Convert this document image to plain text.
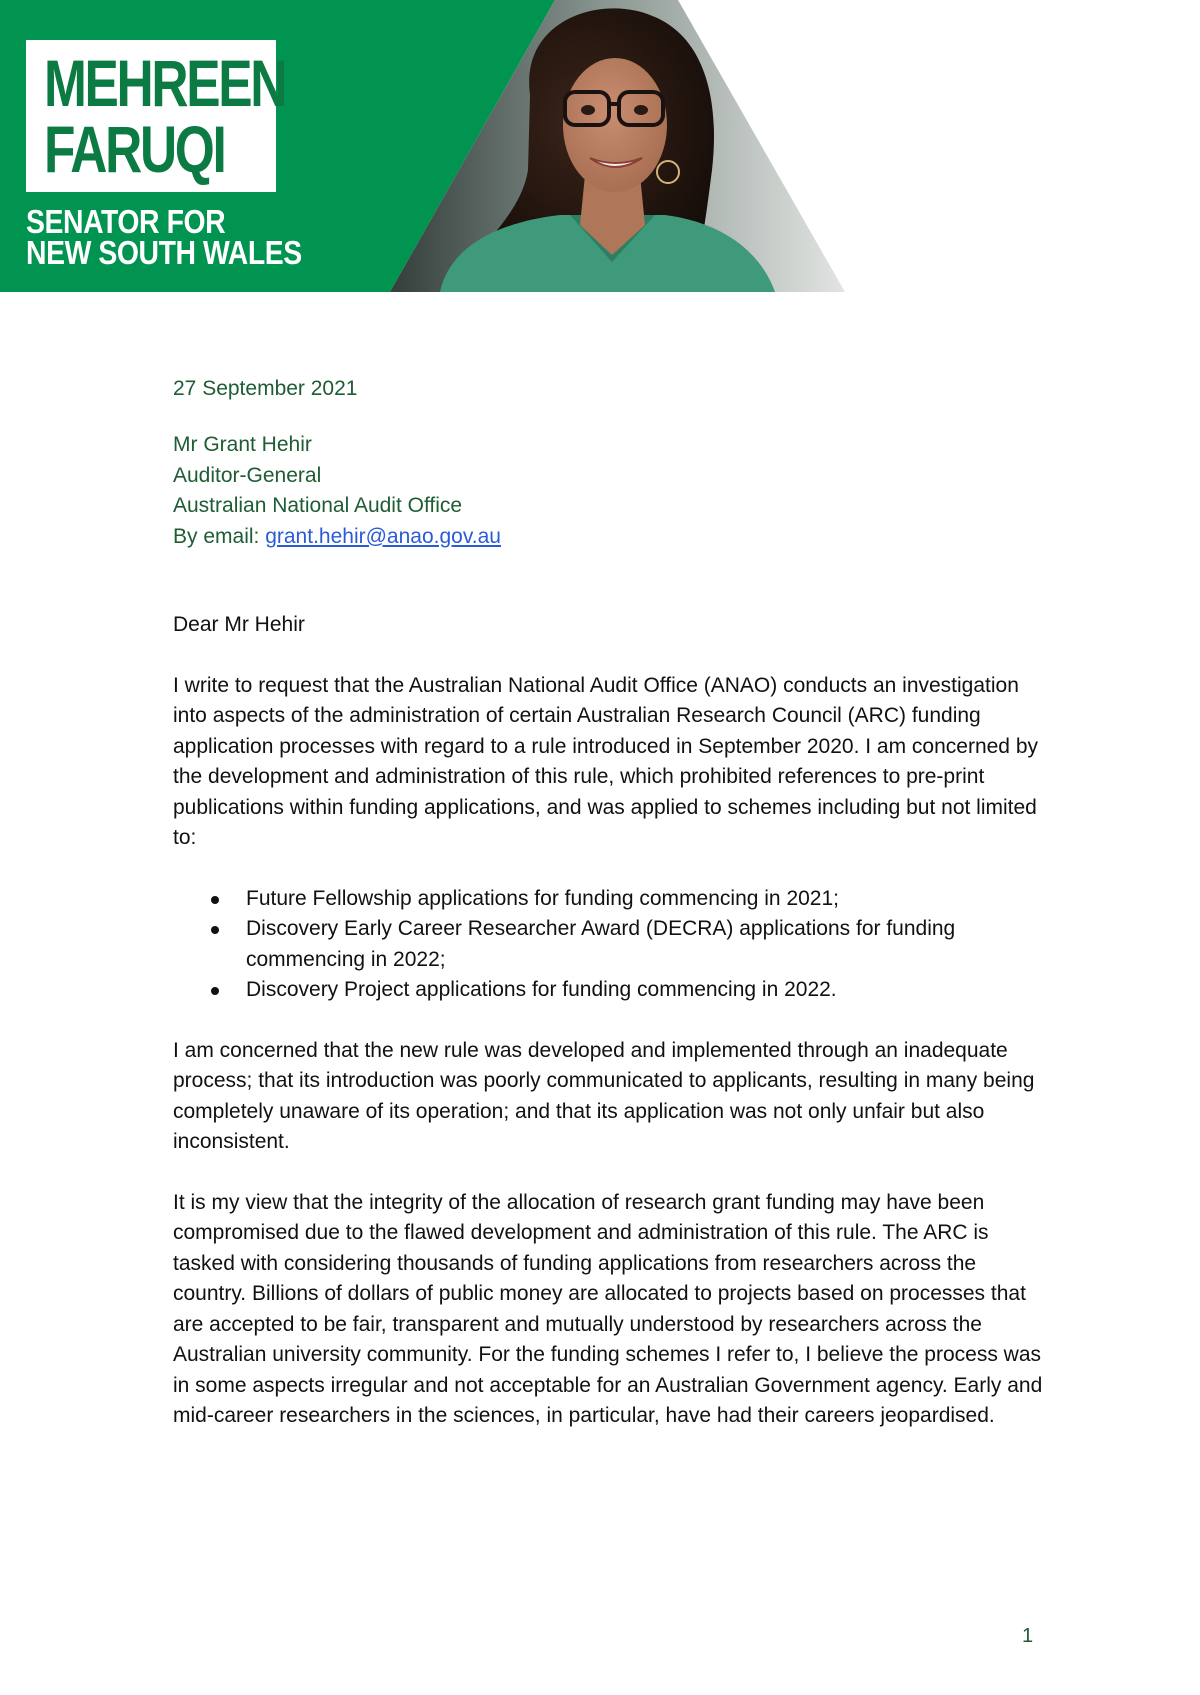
MEHREEN
FARUQI
SENATOR FOR
NEW SOUTH WALES
27 September 2021
Mr Grant Hehir
Auditor-General
Australian National Audit Office
By email: grant.hehir@anao.gov.au
Dear Mr Hehir
I write to request that the Australian National Audit Office (ANAO) conducts an investigation into aspects of the administration of certain Australian Research Council (ARC) funding application processes with regard to a rule introduced in September 2020. I am concerned by the development and administration of this rule, which prohibited references to pre-print publications within funding applications, and was applied to schemes including but not limited to:
Future Fellowship applications for funding commencing in 2021;
Discovery Early Career Researcher Award (DECRA) applications for funding commencing in 2022;
Discovery Project applications for funding commencing in 2022.
I am concerned that the new rule was developed and implemented through an inadequate process; that its introduction was poorly communicated to applicants, resulting in many being completely unaware of its operation; and that its application was not only unfair but also inconsistent.
It is my view that the integrity of the allocation of research grant funding may have been compromised due to the flawed development and administration of this rule. The ARC is tasked with considering thousands of funding applications from researchers across the country. Billions of dollars of public money are allocated to projects based on processes that are accepted to be fair, transparent and mutually understood by researchers across the Australian university community. For the funding schemes I refer to, I believe the process was in some aspects irregular and not acceptable for an Australian Government agency. Early and mid-career researchers in the sciences, in particular, have had their careers jeopardised.
1
